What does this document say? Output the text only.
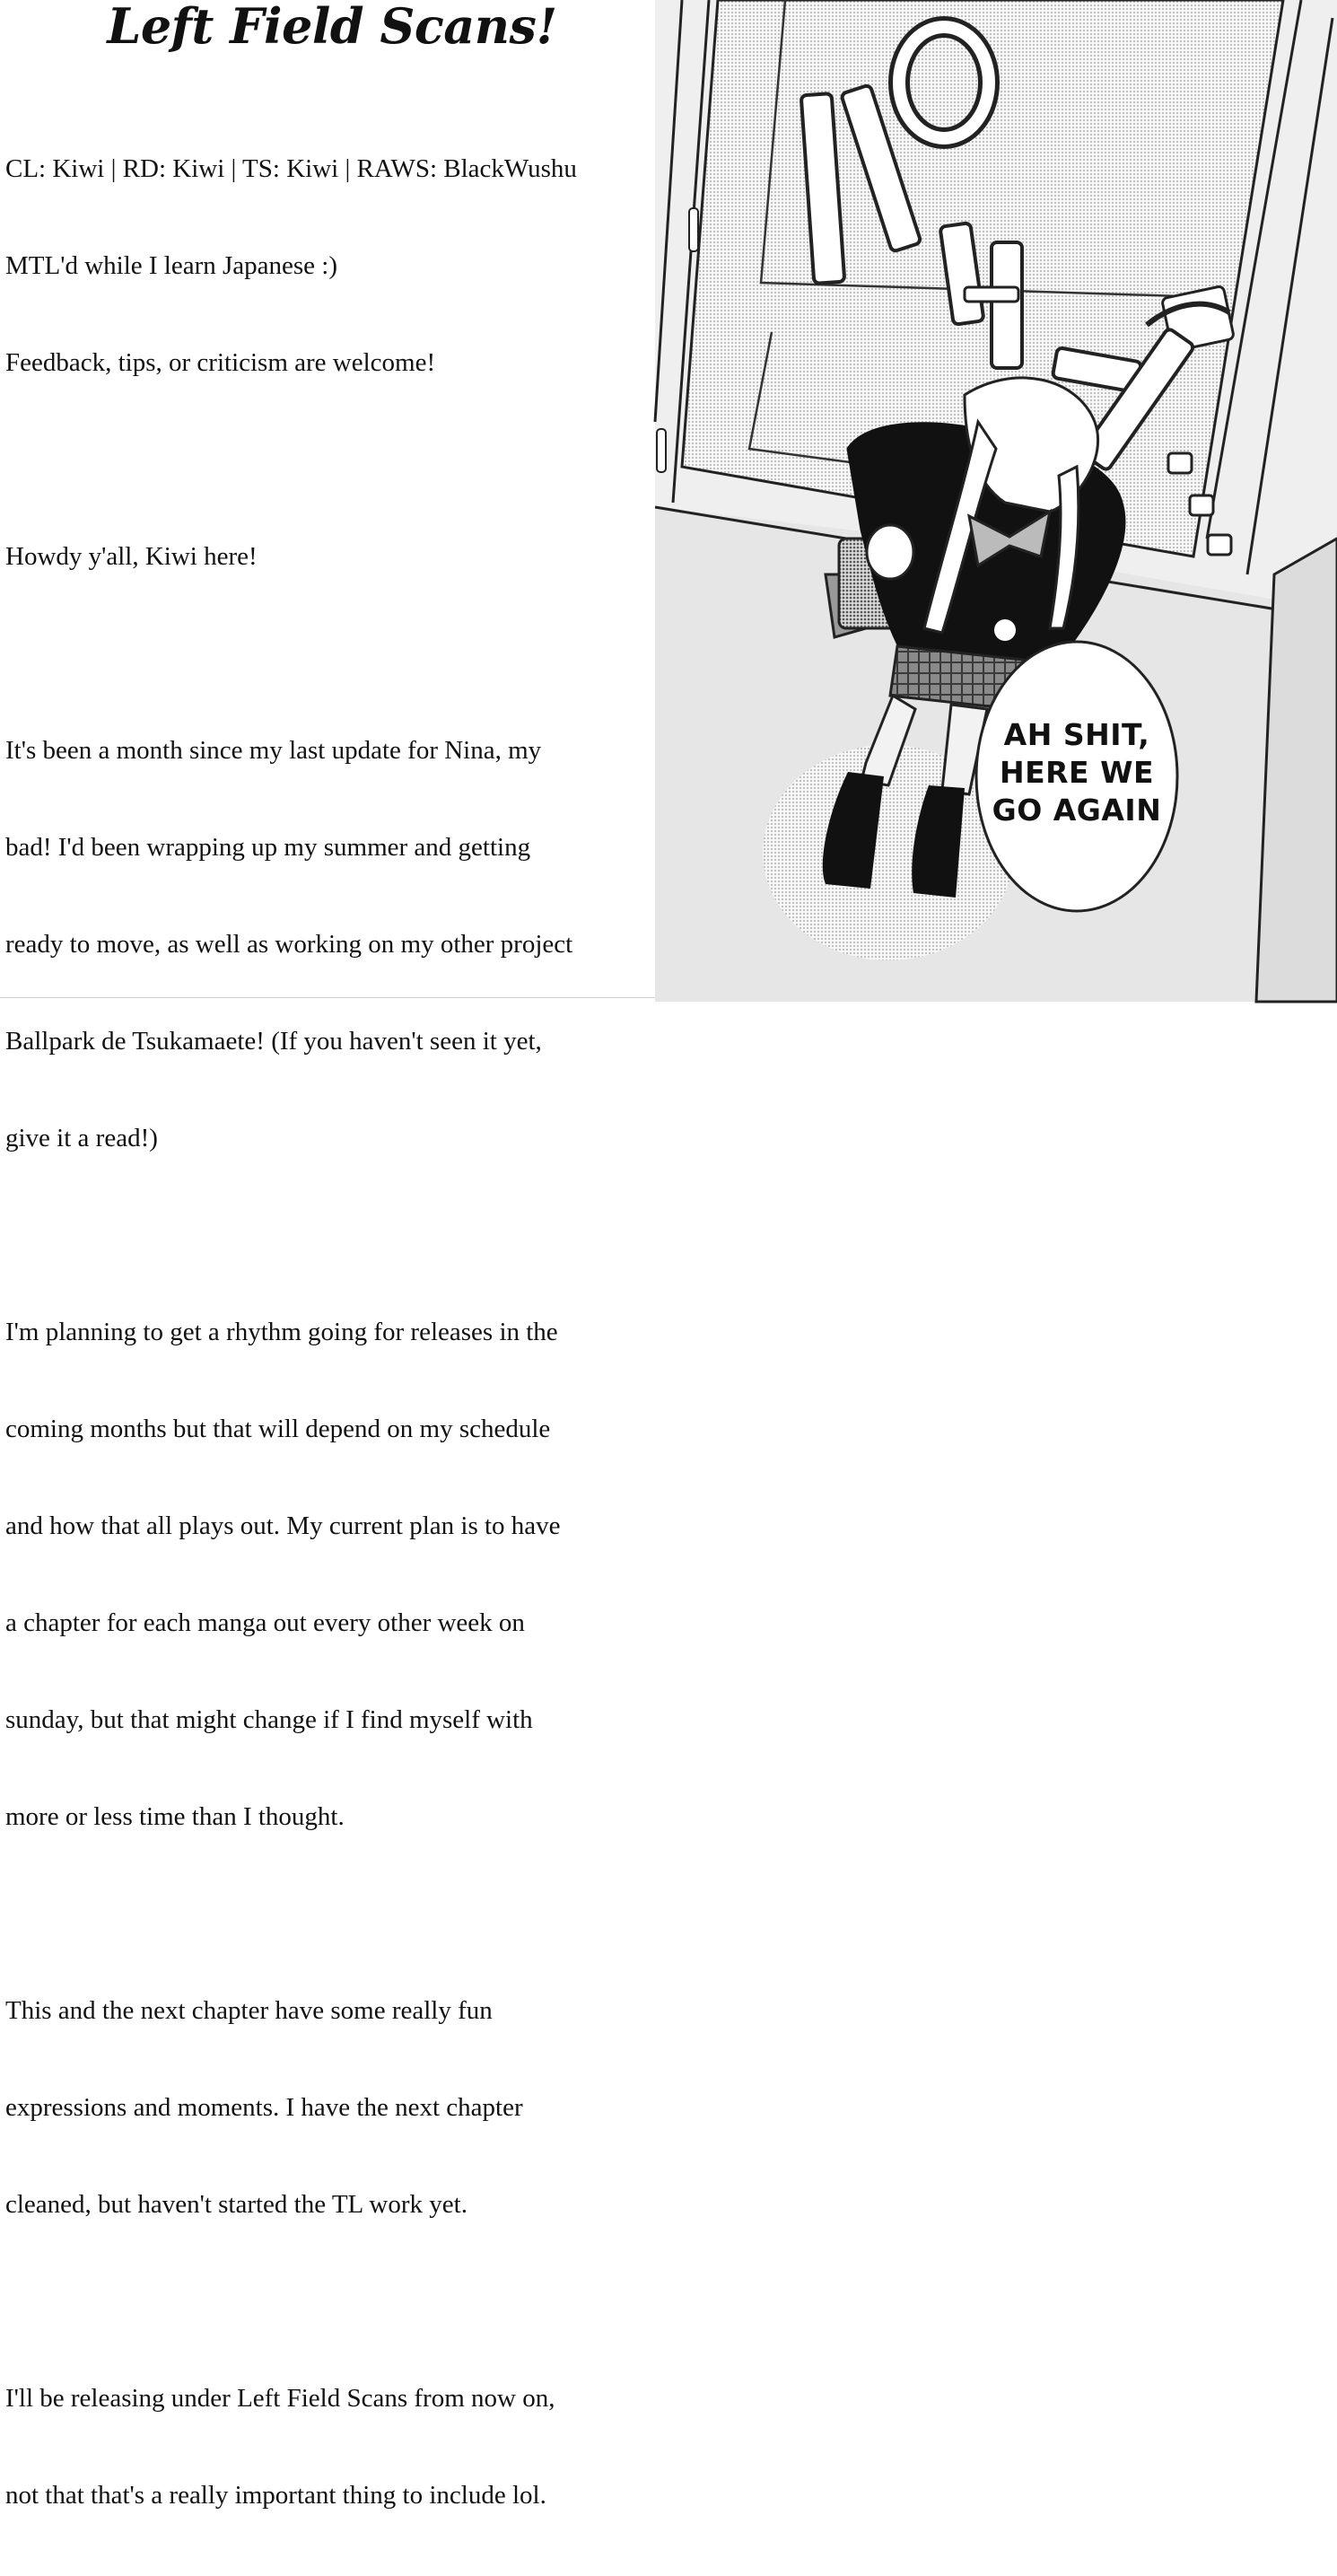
Left Field Scans!

CL: Kiwi | RD: Kiwi | TS: Kiwi | RAWS: BlackWushu

MTL'd while I learn Japanese :)

Feedback, tips, or criticism are welcome!

Howdy y'all, Kiwi here!

It's been a month since my last update for Nina, my

bad! I'd been wrapping up my summer and getting

ready to move, as well as working on my other project

Ballpark de Tsukamaete! (If you haven't seen it yet,

give it a read!)

I'm planning to get a rhythm going for releases in the

coming months but that will depend on my schedule

and how that all plays out. My current plan is to have

a chapter for each manga out every other week on

sunday, but that might change if I find myself with

more or less time than I thought.

This and the next chapter have some really fun

expressions and moments. I have the next chapter

cleaned, but haven't started the TL work yet.

I'll be releasing under Left Field Scans from now on,

not that that's a really important thing to include lol.

AH SHIT,
HERE WE
GO AGAIN
